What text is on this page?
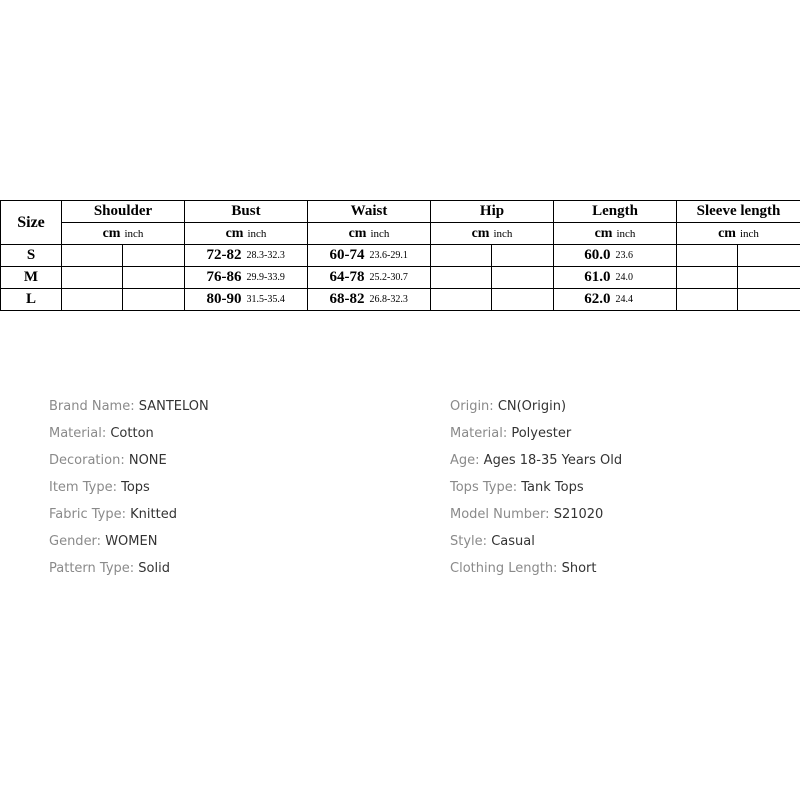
Size	Shoulder		Bust		Waist		Hip		Length		Sleeve length	
	cm inch		cm inch		cm inch		cm inch		cm inch		cm inch	
S			72-82	28.3-32.3	60-74	23.6-29.1			60.0	23.6		
M			76-86	29.9-33.9	64-78	25.2-30.7			61.0	24.0		
L			80-90	31.5-35.4	68-82	26.8-32.3			62.0	24.4		
Brand Name: SANTELON
Material: Cotton
Decoration: NONE
Item Type: Tops
Fabric Type: Knitted
Gender: WOMEN
Pattern Type: Solid
Origin: CN(Origin)
Material: Polyester
Age: Ages 18-35 Years Old
Tops Type: Tank Tops
Model Number: S21020
Style: Casual
Clothing Length: Short
